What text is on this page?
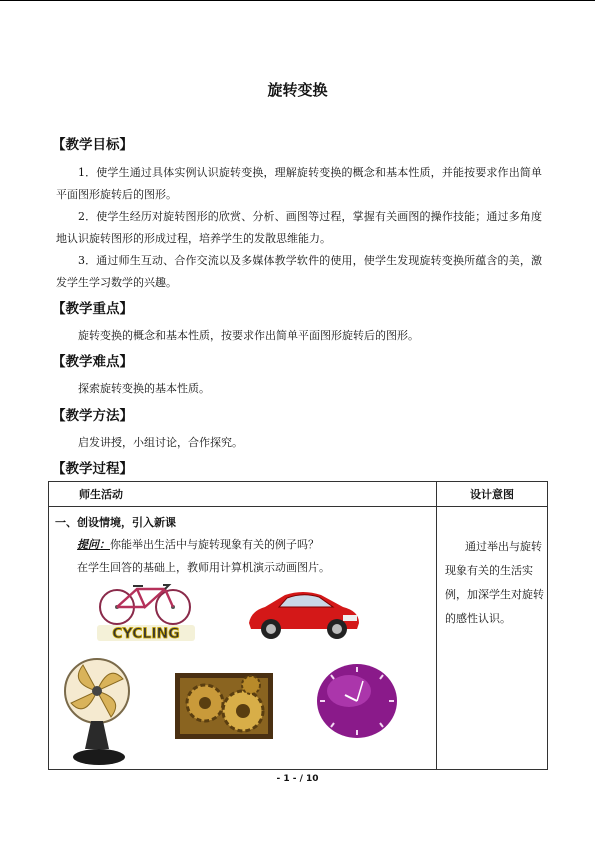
旋转变换
【教学目标】

1．使学生通过具体实例认识旋转变换，理解旋转变换的概念和基本性质，并能按要求作出简单平面图形旋转后的图形。

2．使学生经历对旋转图形的欣赏、分析、画图等过程，掌握有关画图的操作技能；通过多角度地认识旋转图形的形成过程，培养学生的发散思维能力。

3．通过师生互动、合作交流以及多媒体教学软件的使用，使学生发现旋转变换所蕴含的美，激发学生学习数学的兴趣。

【教学重点】

旋转变换的概念和基本性质，按要求作出简单平面图形旋转后的图形。

【教学难点】

探索旋转变换的基本性质。

【教学方法】

启发讲授，小组讨论，合作探究。

【教学过程】
师生活动	设计意图

一、创设情境，引入新课
提问：你能举出生活中与旋转现象有关的例子吗？
在学生回答的基础上，教师用计算机演示动画图片。
CYCLING	通过举出与旋转现象有关的生活实例，加深学生对旋转的感性认识。
- 1 - / 10
